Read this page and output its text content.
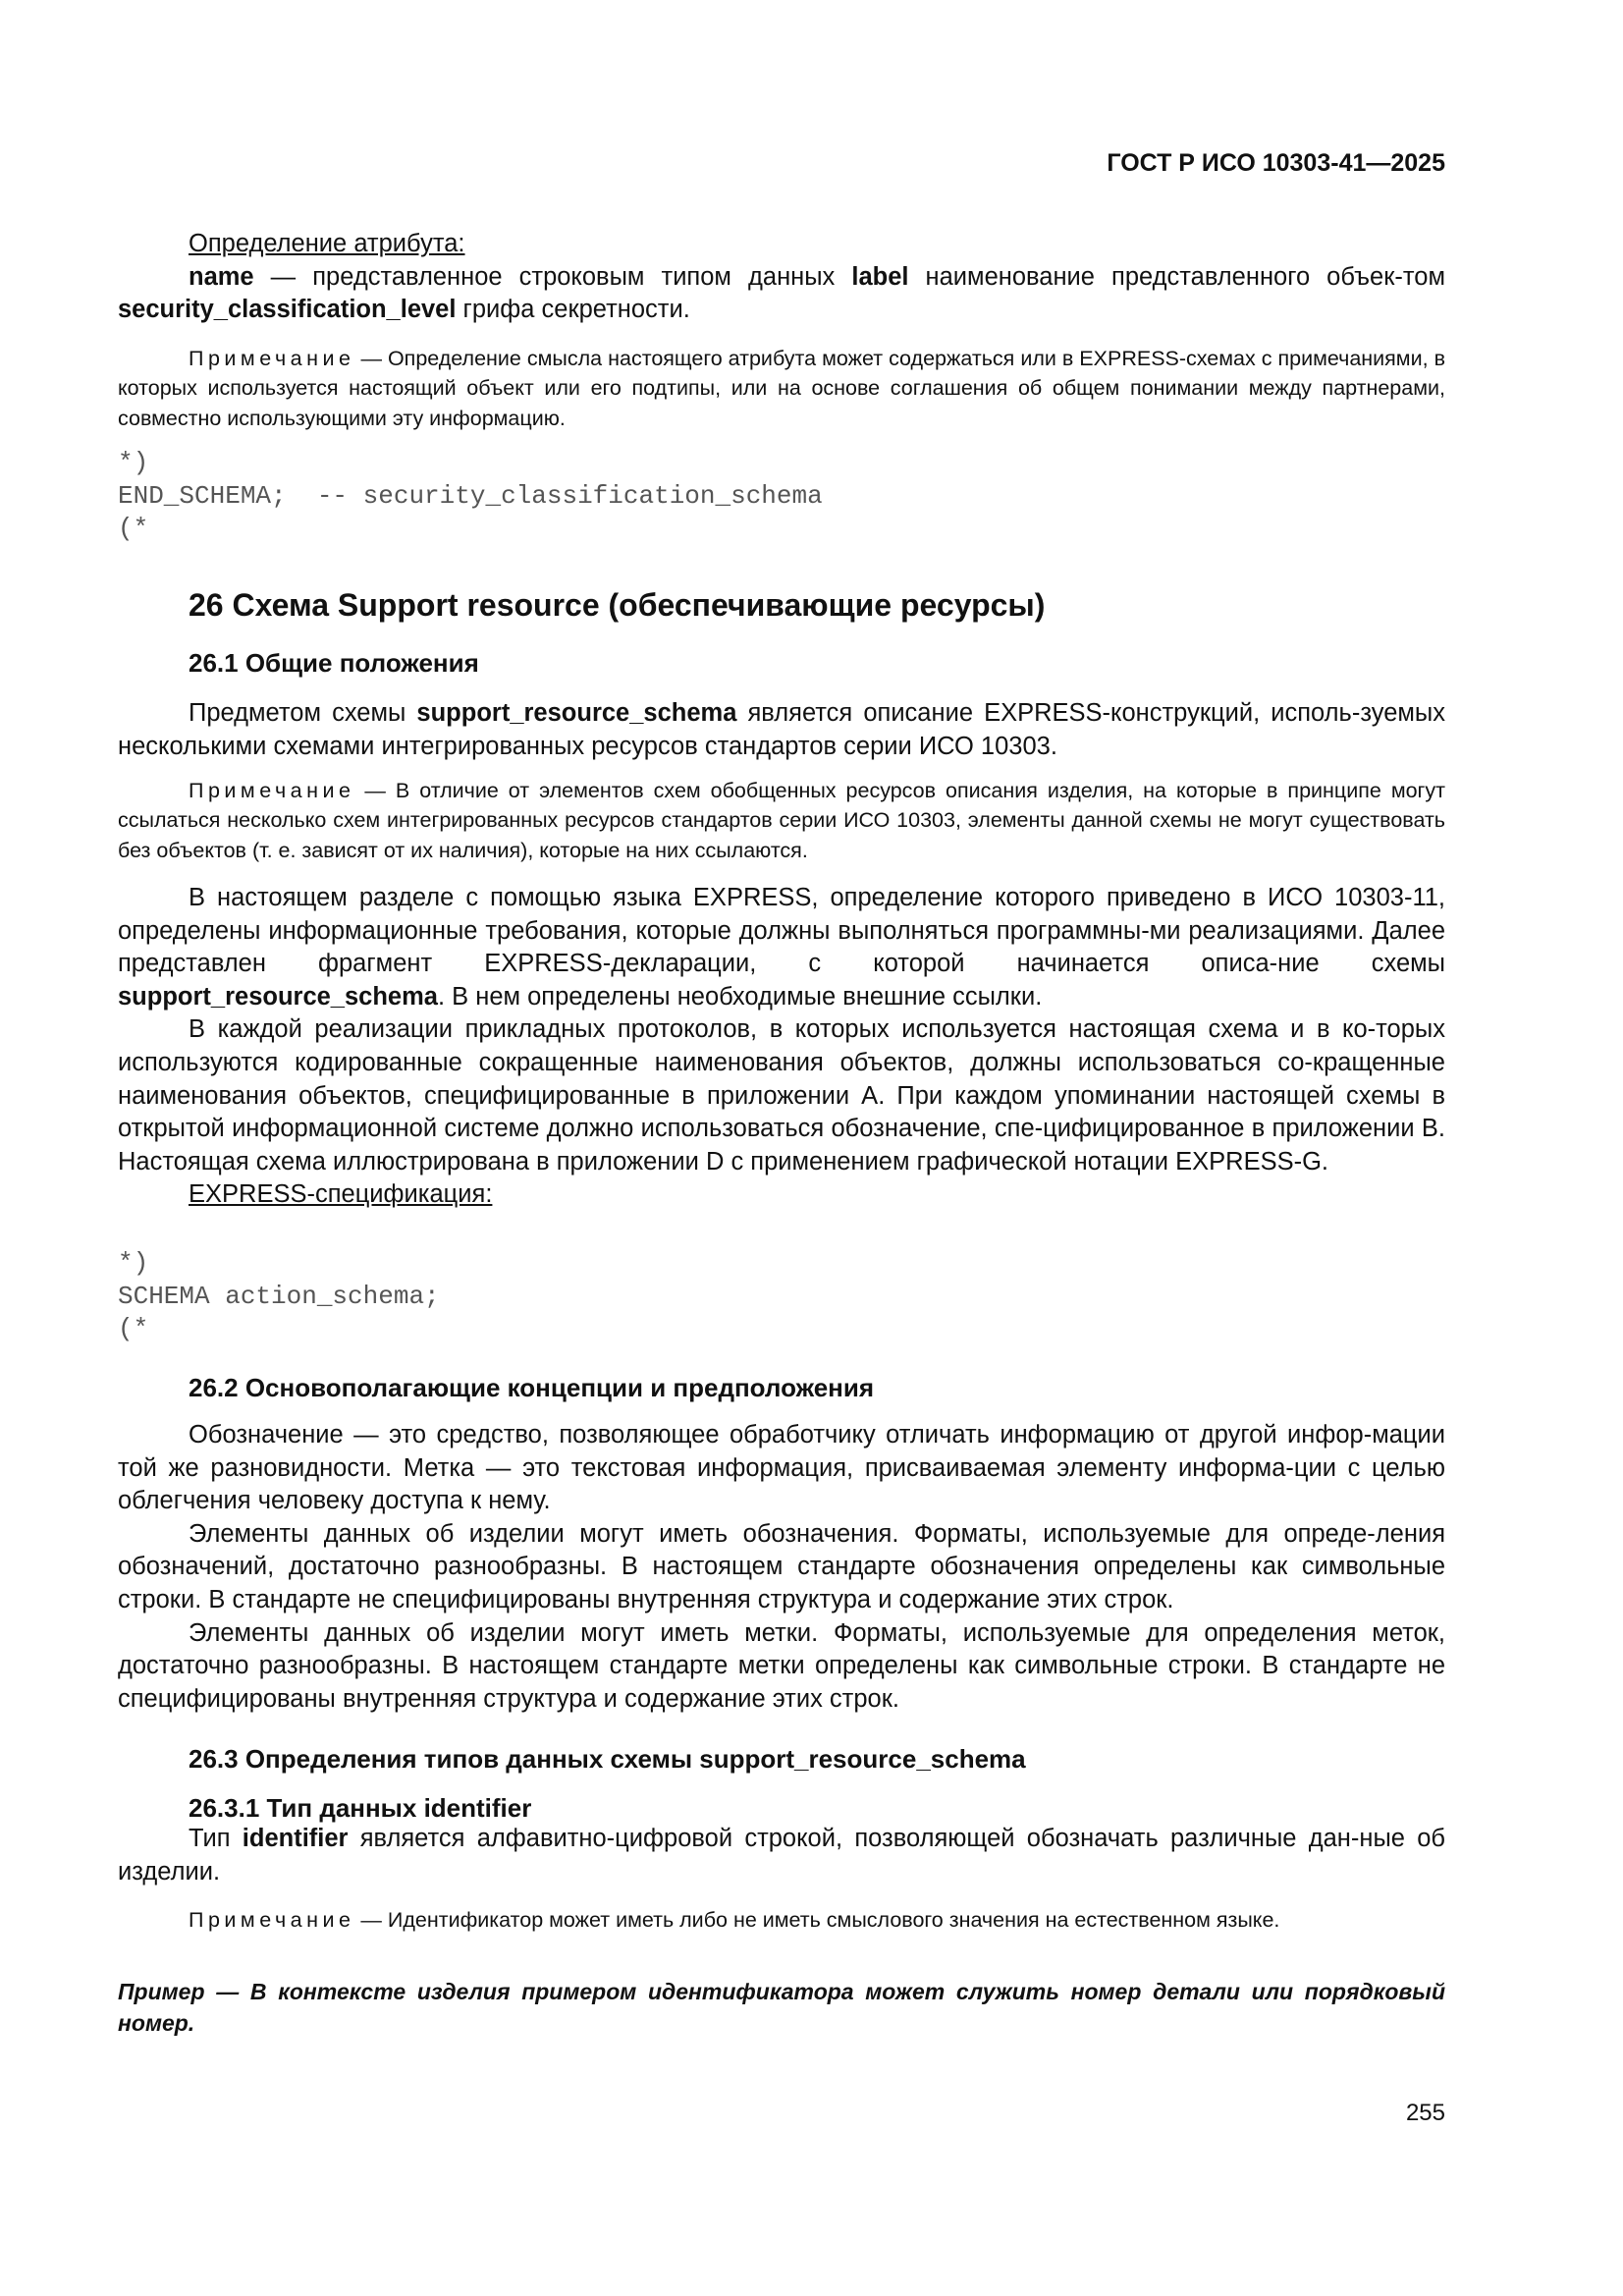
ГОСТ Р ИСО 10303-41—2025

Определение атрибута:

name — представленное строковым типом данных label наименование представленного объек-том security_classification_level грифа секретности.

Примечание — Определение смысла настоящего атрибута может содержаться или в EXPRESS-схемах с примечаниями, в которых используется настоящий объект или его подтипы, или на основе соглашения об общем понимании между партнерами, совместно использующими эту информацию.

*)
END_SCHEMA;  -- security_classification_schema
(*
26 Схема Support resource (обеспечивающие ресурсы)
26.1 Общие положения

Предметом схемы support_resource_schema является описание EXPRESS-конструкций, исполь-зуемых несколькими схемами интегрированных ресурсов стандартов серии ИСО 10303.

Примечание — В отличие от элементов схем обобщенных ресурсов описания изделия, на которые в принципе могут ссылаться несколько схем интегрированных ресурсов стандартов серии ИСО 10303, элементы данной схемы не могут существовать без объектов (т. е. зависят от их наличия), которые на них ссылаются.

В настоящем разделе с помощью языка EXPRESS, определение которого приведено в ИСО 10303-11, определены информационные требования, которые должны выполняться программны-ми реализациями. Далее представлен фрагмент EXPRESS-декларации, с которой начинается описа-ние схемы support_resource_schema. В нем определены необходимые внешние ссылки.

В каждой реализации прикладных протоколов, в которых используется настоящая схема и в ко-торых используются кодированные сокращенные наименования объектов, должны использоваться со-кращенные наименования объектов, специфицированные в приложении A. При каждом упоминании настоящей схемы в открытой информационной системе должно использоваться обозначение, спе-цифицированное в приложении B. Настоящая схема иллюстрирована в приложении D с применением графической нотации EXPRESS-G.

EXPRESS-спецификация:

*)
SCHEMA action_schema;
(*
26.2 Основополагающие концепции и предположения

Обозначение — это средство, позволяющее обработчику отличать информацию от другой инфор-мации той же разновидности. Метка — это текстовая информация, присваиваемая элементу информа-ции с целью облегчения человеку доступа к нему.

Элементы данных об изделии могут иметь обозначения. Форматы, используемые для опреде-ления обозначений, достаточно разнообразны. В настоящем стандарте обозначения определены как символьные строки. В стандарте не специфицированы внутренняя структура и содержание этих строк.

Элементы данных об изделии могут иметь метки. Форматы, используемые для определения меток, достаточно разнообразны. В настоящем стандарте метки определены как символьные строки. В стандарте не специфицированы внутренняя структура и содержание этих строк.

26.3 Определения типов данных схемы support_resource_schema
26.3.1 Тип данных identifier

Тип identifier является алфавитно-цифровой строкой, позволяющей обозначать различные дан-ные об изделии.

Примечание — Идентификатор может иметь либо не иметь смыслового значения на естественном языке.

Пример — В контексте изделия примером идентификатора может служить номер детали или порядковый номер.

255
